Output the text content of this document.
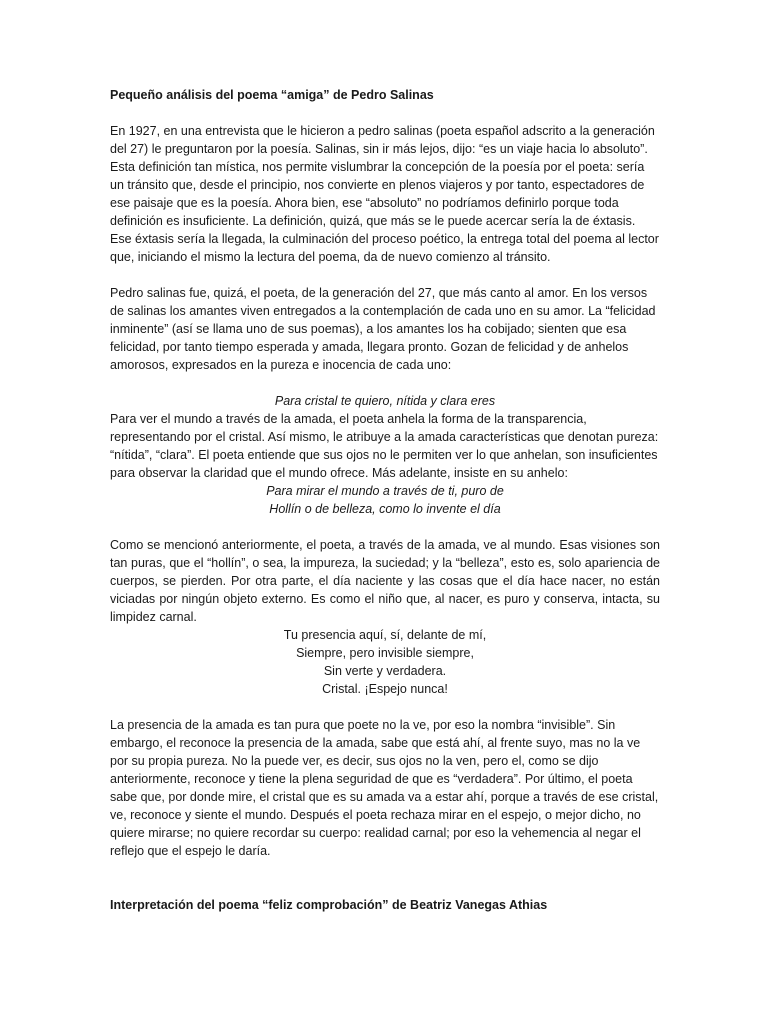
Pequeño análisis del poema “amiga” de Pedro Salinas

En 1927, en una entrevista que le hicieron a pedro salinas (poeta español adscrito a la generación del 27) le preguntaron por la poesía. Salinas, sin ir más lejos, dijo: “es un viaje hacia lo absoluto”. Esta definición tan mística, nos permite vislumbrar la concepción de la poesía por el poeta: sería un tránsito que, desde el principio, nos convierte en plenos viajeros y por tanto, espectadores de ese paisaje que es la poesía. Ahora bien, ese “absoluto” no podríamos definirlo porque toda definición es insuficiente. La definición, quizá, que más se le puede acercar sería la de éxtasis. Ese éxtasis sería la llegada, la culminación del proceso poético, la entrega total del poema al lector que, iniciando el mismo la lectura del poema, da de nuevo comienzo al tránsito.

Pedro salinas fue, quizá, el poeta, de la generación del 27, que más canto al amor. En los versos de salinas los amantes viven entregados a la contemplación de cada uno en su amor. La “felicidad inminente” (así se llama uno de sus poemas), a los amantes los ha cobijado; sienten que esa felicidad, por tanto tiempo esperada y amada, llegara pronto. Gozan de felicidad y de anhelos amorosos, expresados en la pureza e inocencia de cada uno:

Para cristal te quiero, nítida y clara eres

Para ver el mundo a través de la amada, el poeta anhela la forma de la transparencia, representando por el cristal. Así mismo, le atribuye a la amada características que denotan pureza: “nítida”, “clara”. El poeta entiende que sus ojos no le permiten ver lo que anhelan, son insuficientes para observar la claridad que el mundo ofrece. Más adelante, insiste en su anhelo:

Para mirar el mundo a través de ti, puro de

Hollín o de belleza, como lo invente el día

Como se mencionó anteriormente, el poeta, a través de la amada, ve al mundo. Esas visiones son tan puras, que el “hollín”, o sea, la impureza, la suciedad; y la “belleza”, esto es, solo apariencia de cuerpos, se pierden. Por otra parte, el día naciente y las cosas que el día hace nacer, no están viciadas por ningún objeto externo. Es como el niño que, al nacer, es puro y conserva, intacta, su limpidez carnal.

Tu presencia aquí, sí, delante de mí,

Siempre, pero invisible siempre,

Sin verte y verdadera.

Cristal. ¡Espejo nunca!

La presencia de la amada es tan pura que poete no la ve, por eso la nombra “invisible”. Sin embargo, el reconoce la presencia de la amada, sabe que está ahí, al frente suyo, mas no la ve por su propia pureza. No la puede ver, es decir, sus ojos no la ven, pero el, como se dijo anteriormente, reconoce y tiene la plena seguridad de que es “verdadera”. Por último, el poeta sabe que, por donde mire, el cristal que es su amada va a estar ahí, porque a través de ese cristal, ve, reconoce y siente el mundo. Después el poeta rechaza mirar en el espejo, o mejor dicho, no quiere mirarse; no quiere recordar su cuerpo: realidad carnal; por eso la vehemencia al negar el reflejo que el espejo le daría.

Interpretación del poema “feliz comprobación” de Beatriz Vanegas Athias
